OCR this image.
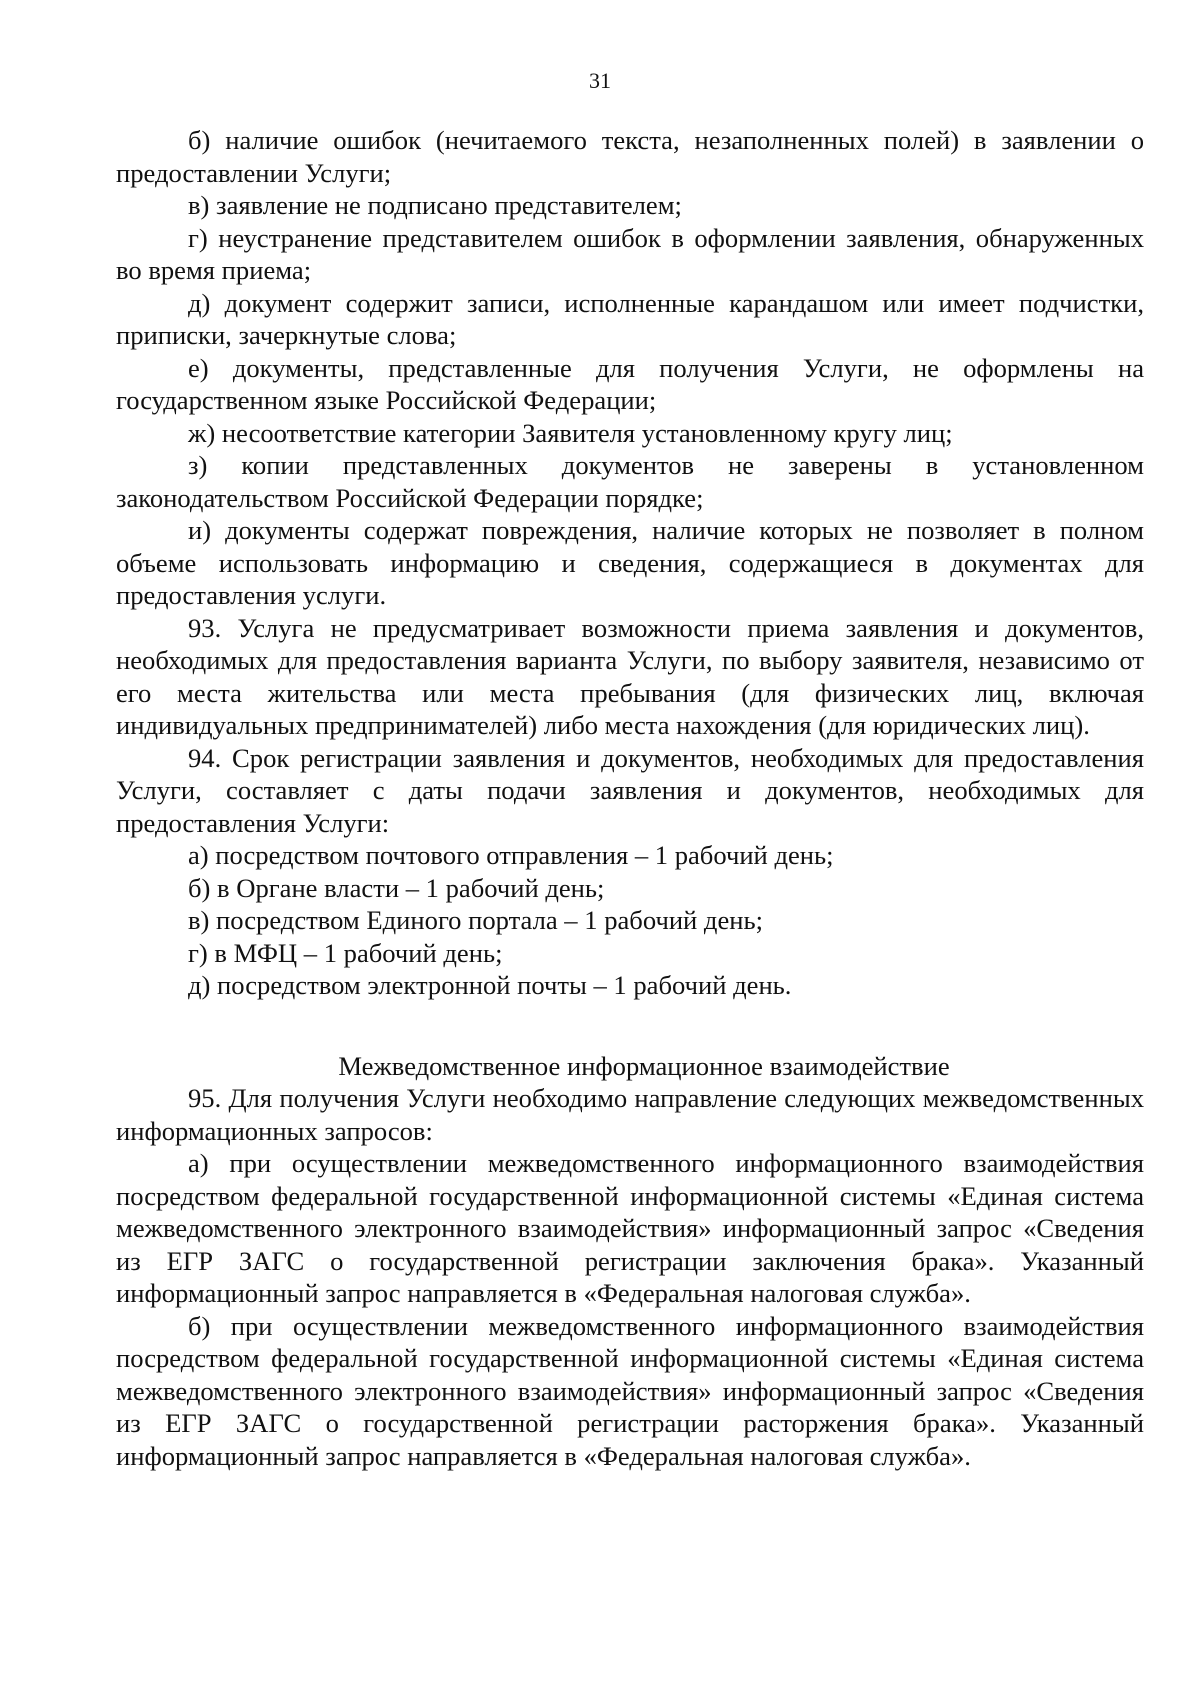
31

б) наличие ошибок (нечитаемого текста, незаполненных полей) в заявлении о предоставлении Услуги;

в) заявление не подписано представителем;

г) неустранение представителем ошибок в оформлении заявления, обнаруженных во время приема;

д) документ содержит записи, исполненные карандашом или имеет подчистки, приписки, зачеркнутые слова;

е) документы, представленные для получения Услуги, не оформлены на государственном языке Российской Федерации;

ж) несоответствие категории Заявителя установленному кругу лиц;

з) копии представленных документов не заверены в установленном законодательством Российской Федерации порядке;

и) документы содержат повреждения, наличие которых не позволяет в полном объеме использовать информацию и сведения, содержащиеся в документах для предоставления услуги.

93. Услуга не предусматривает возможности приема заявления и документов, необходимых для предоставления варианта Услуги, по выбору заявителя, независимо от его места жительства или места пребывания (для физических лиц, включая индивидуальных предпринимателей) либо места нахождения (для юридических лиц).

94. Срок регистрации заявления и документов, необходимых для предоставления Услуги, составляет с даты подачи заявления и документов, необходимых для предоставления Услуги:

а) посредством почтового отправления – 1 рабочий день;

б) в Органе власти – 1 рабочий день;

в) посредством Единого портала – 1 рабочий день;

г) в МФЦ – 1 рабочий день;

д) посредством электронной почты – 1 рабочий день.

Межведомственное информационное взаимодействие

95. Для получения Услуги необходимо направление следующих межведомственных информационных запросов:

а) при осуществлении межведомственного информационного взаимодействия посредством федеральной государственной информационной системы «Единая система межведомственного электронного взаимодействия» информационный запрос «Сведения из ЕГР ЗАГС о государственной регистрации заключения брака». Указанный информационный запрос направляется в «Федеральная налоговая служба».

б) при осуществлении межведомственного информационного взаимодействия посредством федеральной государственной информационной системы «Единая система межведомственного электронного взаимодействия» информационный запрос «Сведения из ЕГР ЗАГС о государственной регистрации расторжения брака». Указанный информационный запрос направляется в «Федеральная налоговая служба».
